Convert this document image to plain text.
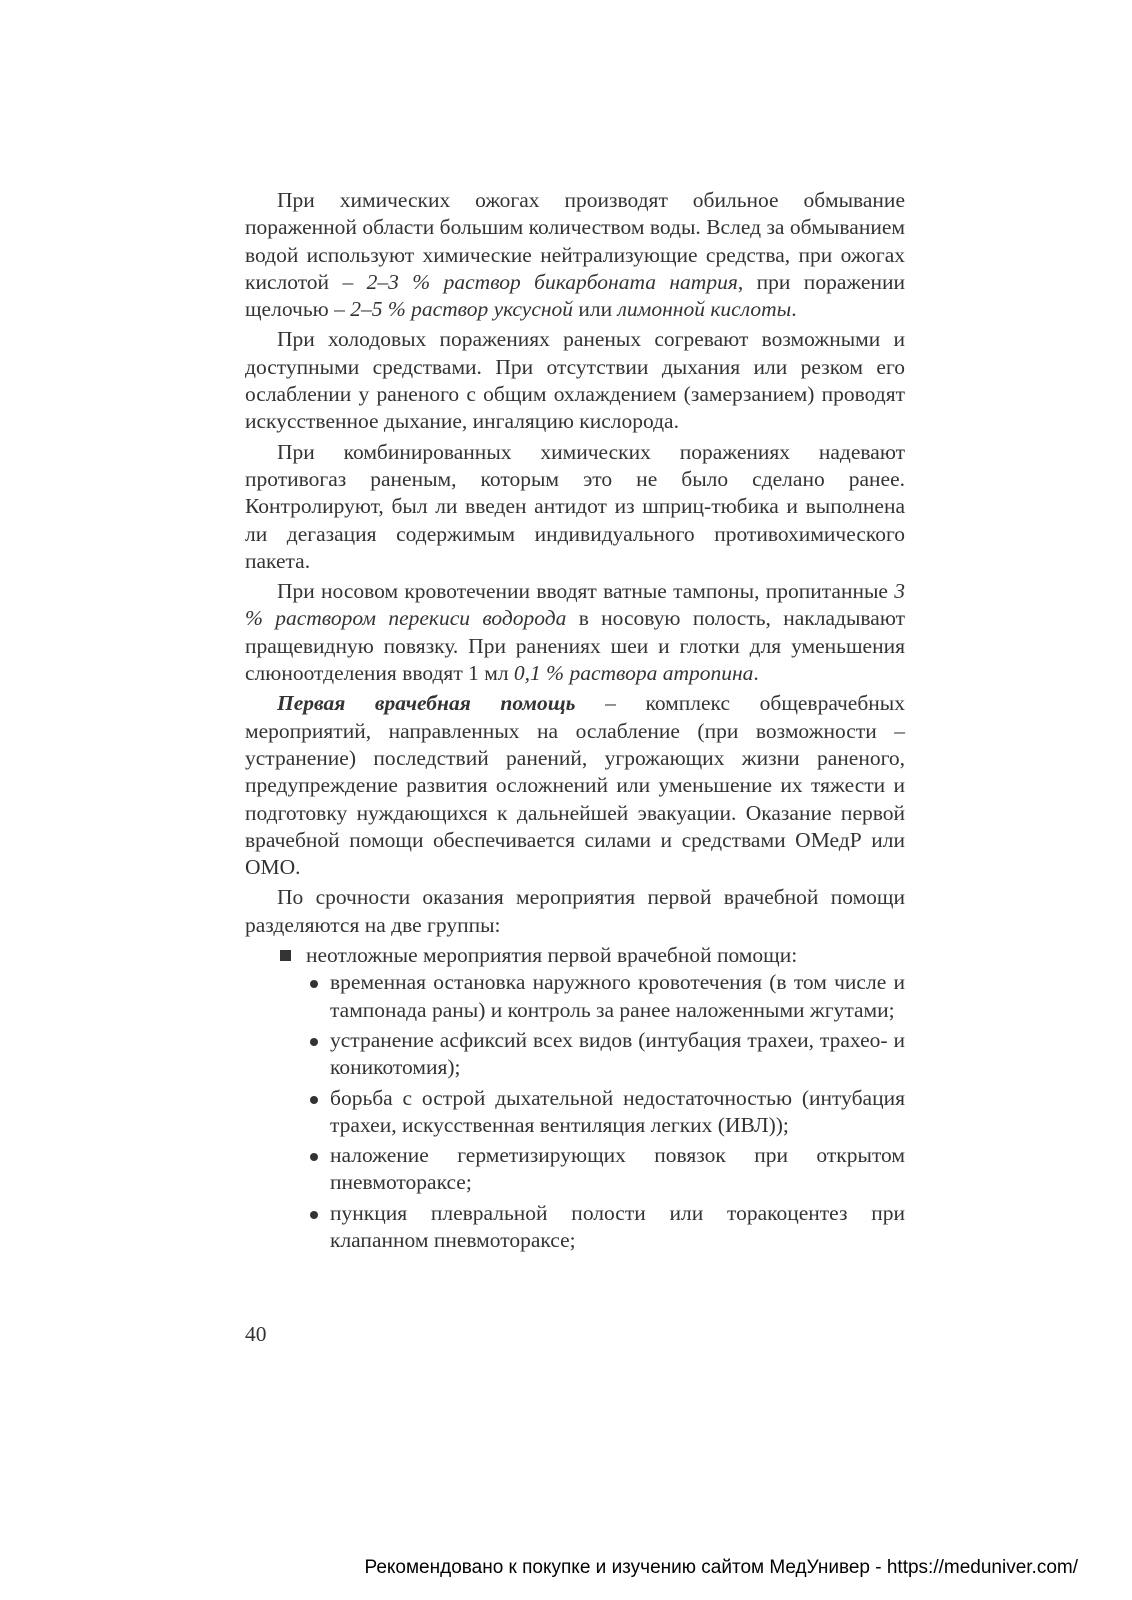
При химических ожогах производят обильное обмывание пораженной области большим количеством воды. Вслед за обмыванием водой используют химические нейтрализующие средства, при ожогах кислотой – 2–3 % раствор бикарбоната натрия, при поражении щелочью – 2–5 % раствор уксусной или лимонной кислоты.

При холодовых поражениях раненых согревают возможными и доступными средствами. При отсутствии дыхания или резком его ослаблении у раненого с общим охлаждением (замерзанием) проводят искусственное дыхание, ингаляцию кислорода.

При комбинированных химических поражениях надевают противогаз раненым, которым это не было сделано ранее. Контролируют, был ли введен антидот из шприц-тюбика и выполнена ли дегазация содержимым индивидуального противохимического пакета.

При носовом кровотечении вводят ватные тампоны, пропитанные 3 % раствором перекиси водорода в носовую полость, накладывают пращевидную повязку. При ранениях шеи и глотки для уменьшения слюноотделения вводят 1 мл 0,1 % раствора атропина.

Первая врачебная помощь – комплекс общеврачебных мероприятий, направленных на ослабление (при возможности – устранение) последствий ранений, угрожающих жизни раненого, предупреждение развития осложнений или уменьшение их тяжести и подготовку нуждающихся к дальнейшей эвакуации. Оказание первой врачебной помощи обеспечивается силами и средствами ОМедР или ОМО.

По срочности оказания мероприятия первой врачебной помощи разделяются на две группы:

неотложные мероприятия первой врачебной помощи:
временная остановка наружного кровотечения (в том числе и тампонада раны) и контроль за ранее наложенными жгутами;
устранение асфиксий всех видов (интубация трахеи, трахео- и коникотомия);
борьба с острой дыхательной недостаточностью (интубация трахеи, искусственная вентиляция легких (ИВЛ));
наложение герметизирующих повязок при открытом пневмотораксе;
пункция плевральной полости или торакоцентез при клапанном пневмотораксе;
40
Рекомендовано к покупке и изучению сайтом МедУнивер - https://meduniver.com/
